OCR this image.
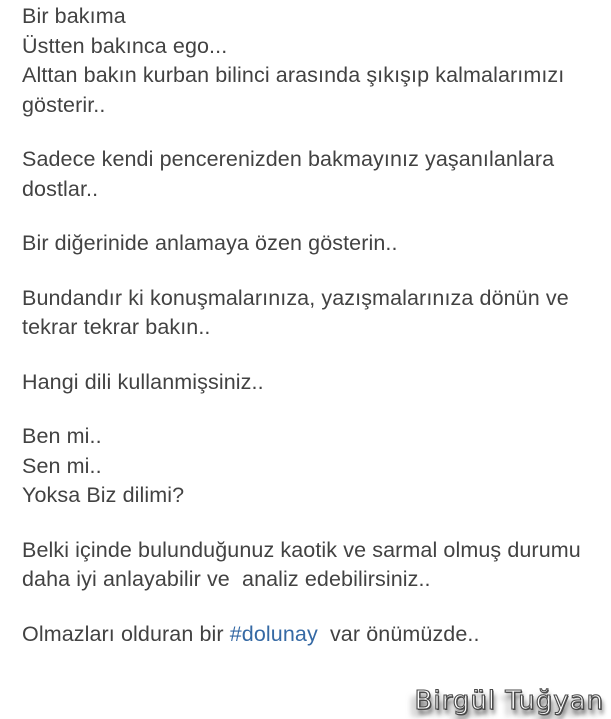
Bir bakıma
Üstten bakınca ego...
Alttan bakın kurban bilinci arasında şıkışıp kalmalarımızı
gösterir..

Sadece kendi pencerenizden bakmayınız yaşanılanlara
dostlar..

Bir diğerinide anlamaya özen gösterin..

Bundandır ki konuşmalarınıza, yazışmalarınıza dönün ve
tekrar tekrar bakın..

Hangi dili kullanmişsiniz..

Ben mi..
Sen mi..
Yoksa Biz dilimi?

Belki içinde bulunduğunuz kaotik ve sarmal olmuş durumu
daha iyi anlayabilir ve  analiz edebilirsiniz..

Olmazları olduran bir #dolunay  var önümüzde..

Birgül Tuğyan
